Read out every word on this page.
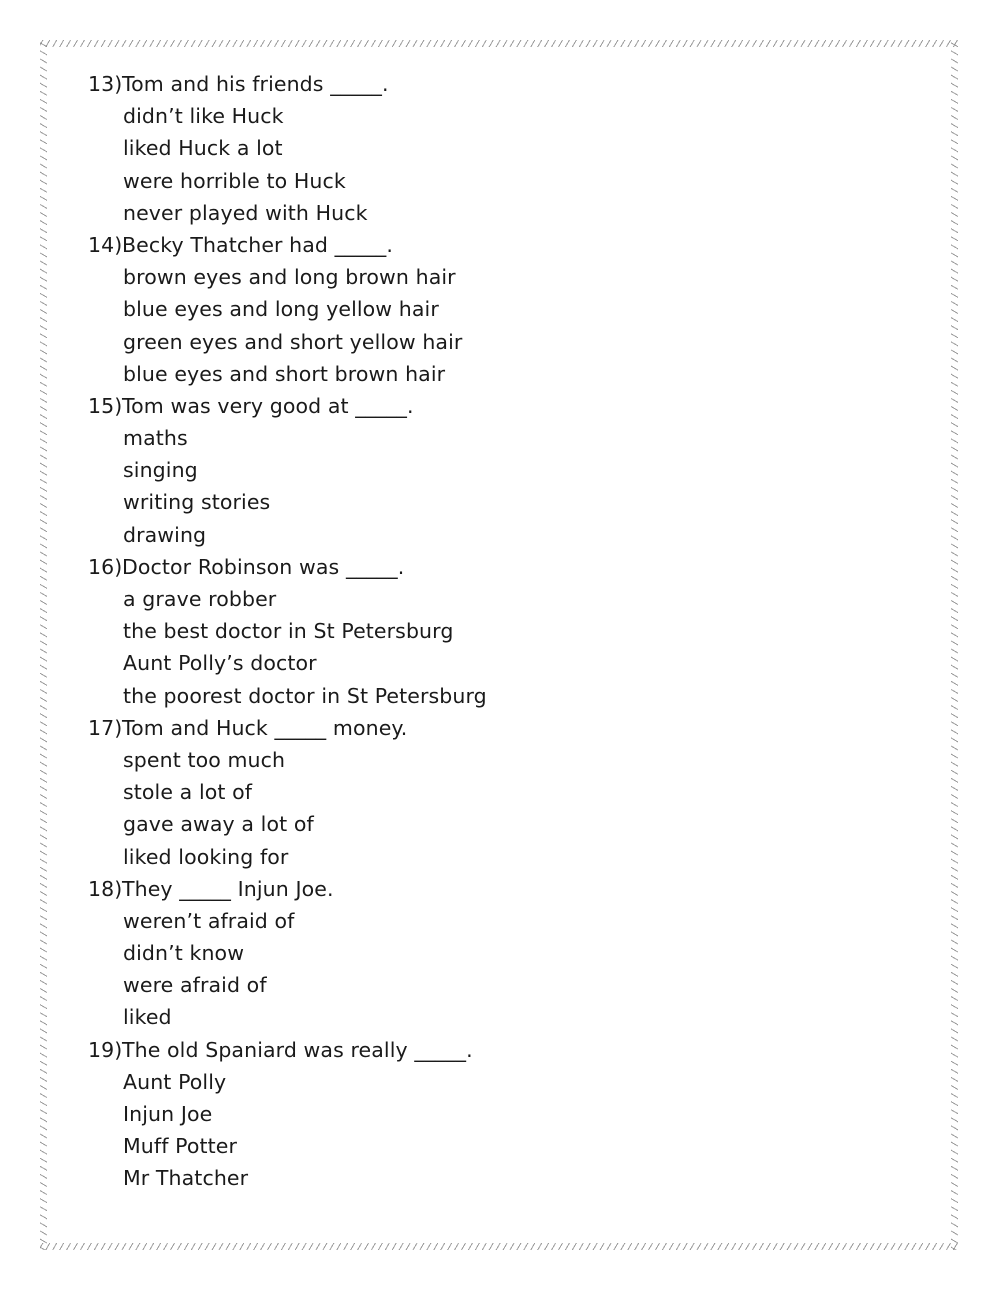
13) Tom and his friends _____.
didn’t like Huck
liked Huck a lot
were horrible to Huck
never played with Huck
14) Becky Thatcher had _____.
brown eyes and long brown hair
blue eyes and long yellow hair
green eyes and short yellow hair
blue eyes and short brown hair
15) Tom was very good at _____.
maths
singing
writing stories
drawing
16) Doctor Robinson was _____.
a grave robber
the best doctor in St Petersburg
Aunt Polly’s doctor
the poorest doctor in St Petersburg
17) Tom and Huck _____ money.
spent too much
stole a lot of
gave away a lot of
liked looking for
18) They _____ Injun Joe.
weren’t afraid of
didn’t know
were afraid of
liked
19) The old Spaniard was really _____.
Aunt Polly
Injun Joe
Muff Potter
Mr Thatcher
